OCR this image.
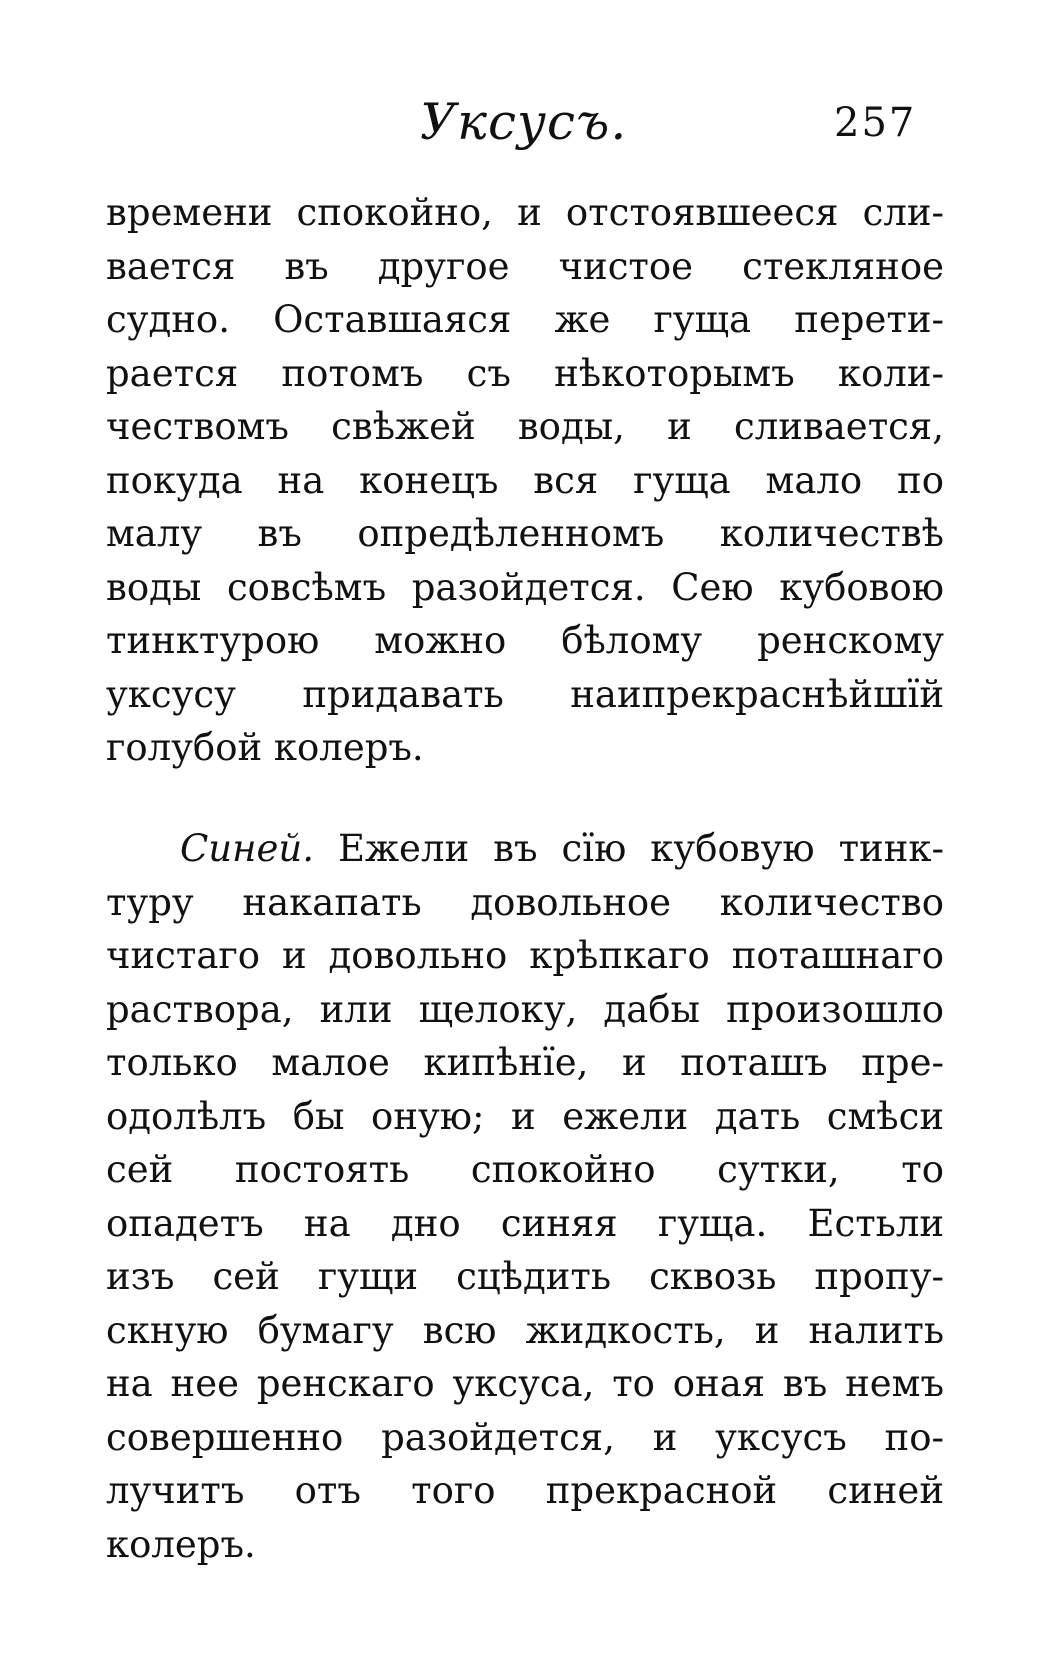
Уксусъ.	257
времени спокойно, и отстоявшееся сли-
вается въ другое чистое стекляное
судно. Оставшаяся же гуща перети-
рается потомъ съ нѣкоторымъ коли-
чествомъ свѣжей воды, и сливается,
покуда на конецъ вся гуща мало по
малу въ опредѣленномъ количествѣ
воды совсѣмъ разойдется. Сею кубовою
тинктурою можно бѣлому ренскому
уксусу придавать наипрекраснѣйшїй
голубой колеръ.
Синей. Ежели въ сїю кубовую тинк-
туру накапать довольное количество
чистаго и довольно крѣпкаго поташнаго
раствора, или щелоку, дабы произошло
только малое кипѣнїе, и поташъ пре-
одолѣлъ бы оную; и ежели дать смѣси
сей постоять спокойно сутки, то
опадетъ на дно синяя гуща. Естьли
изъ сей гущи сцѣдить сквозь пропу-
скную бумагу всю жидкость, и налить
на нее ренскаго уксуса, то оная въ немъ
совершенно разойдется, и уксусъ по-
лучитъ отъ того прекрасной синей
колеръ.
